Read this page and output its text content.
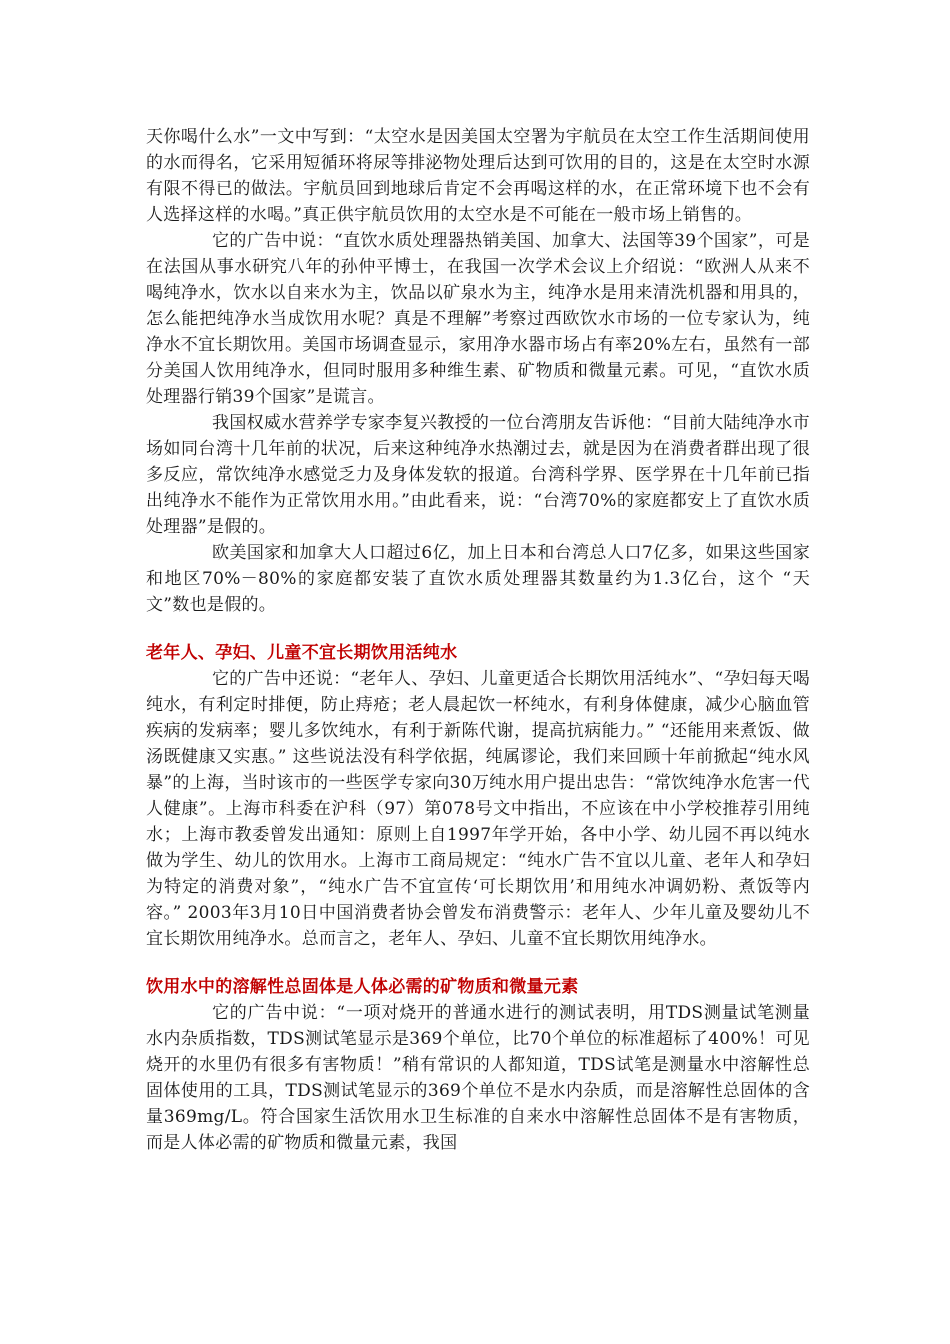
天你喝什么水”一文中写到：“太空水是因美国太空署为宇航员在太空工作生活期间使用的水而得名，它采用短循环将尿等排泌物处理后达到可饮用的目的，这是在太空时水源有限不得已的做法。宇航员回到地球后肯定不会再喝这样的水，在正常环境下也不会有人选择这样的水喝。”真正供宇航员饮用的太空水是不可能在一般市场上销售的。

它的广告中说：“直饮水质处理器热销美国、加拿大、法国等39个国家”，可是在法国从事水研究八年的孙仲平博士，在我国一次学术会议上介绍说：“欧洲人从来不喝纯净水，饮水以自来水为主，饮品以矿泉水为主，纯净水是用来清洗机器和用具的，怎么能把纯净水当成饮用水呢？真是不理解”考察过西欧饮水市场的一位专家认为，纯净水不宜长期饮用。美国市场调查显示，家用净水器市场占有率20%左右，虽然有一部分美国人饮用纯净水，但同时服用多种维生素、矿物质和微量元素。可见，“直饮水质处理器行销39个国家”是谎言。

我国权威水营养学专家李复兴教授的一位台湾朋友告诉他：“目前大陆纯净水市场如同台湾十几年前的状况，后来这种纯净水热潮过去，就是因为在消费者群出现了很多反应，常饮纯净水感觉乏力及身体发软的报道。台湾科学界、医学界在十几年前已指出纯净水不能作为正常饮用水用。”由此看来，说：“台湾70%的家庭都安上了直饮水质处理器”是假的。

欧美国家和加拿大人口超过6亿，加上日本和台湾总人口7亿多，如果这些国家和地区70%－80%的家庭都安装了直饮水质处理器其数量约为1.3亿台，这个 “天文”数也是假的。

老年人、孕妇、儿童不宜长期饮用活纯水

它的广告中还说：“老年人、孕妇、儿童更适合长期饮用活纯水”、“孕妇每天喝纯水，有利定时排便，防止痔疮；老人晨起饮一杯纯水，有利身体健康，减少心脑血管疾病的发病率；婴儿多饮纯水，有利于新陈代谢，提高抗病能力。” “还能用来煮饭、做汤既健康又实惠。” 这些说法没有科学依据，纯属谬论，我们来回顾十年前掀起“纯水风暴”的上海，当时该市的一些医学专家向30万纯水用户提出忠告：“常饮纯净水危害一代人健康”。上海市科委在沪科（97）第078号文中指出，不应该在中小学校推荐引用纯水；上海市教委曾发出通知：原则上自1997年学开始，各中小学、幼儿园不再以纯水做为学生、幼儿的饮用水。上海市工商局规定：“纯水广告不宜以儿童、老年人和孕妇为特定的消费对象”，“纯水广告不宜宣传‘可长期饮用’和用纯水冲调奶粉、煮饭等内容。” 2003年3月10日中国消费者协会曾发布消费警示：老年人、少年儿童及婴幼儿不宜长期饮用纯净水。总而言之，老年人、孕妇、儿童不宜长期饮用纯净水。

饮用水中的溶解性总固体是人体必需的矿物质和微量元素

它的广告中说：“一项对烧开的普通水进行的测试表明，用TDS测量试笔测量水内杂质指数，TDS测试笔显示是369个单位，比70个单位的标准超标了400%！可见烧开的水里仍有很多有害物质！”稍有常识的人都知道，TDS试笔是测量水中溶解性总固体使用的工具，TDS测试笔显示的369个单位不是水内杂质，而是溶解性总固体的含量369mg/L。符合国家生活饮用水卫生标准的自来水中溶解性总固体不是有害物质，而是人体必需的矿物质和微量元素，我国
